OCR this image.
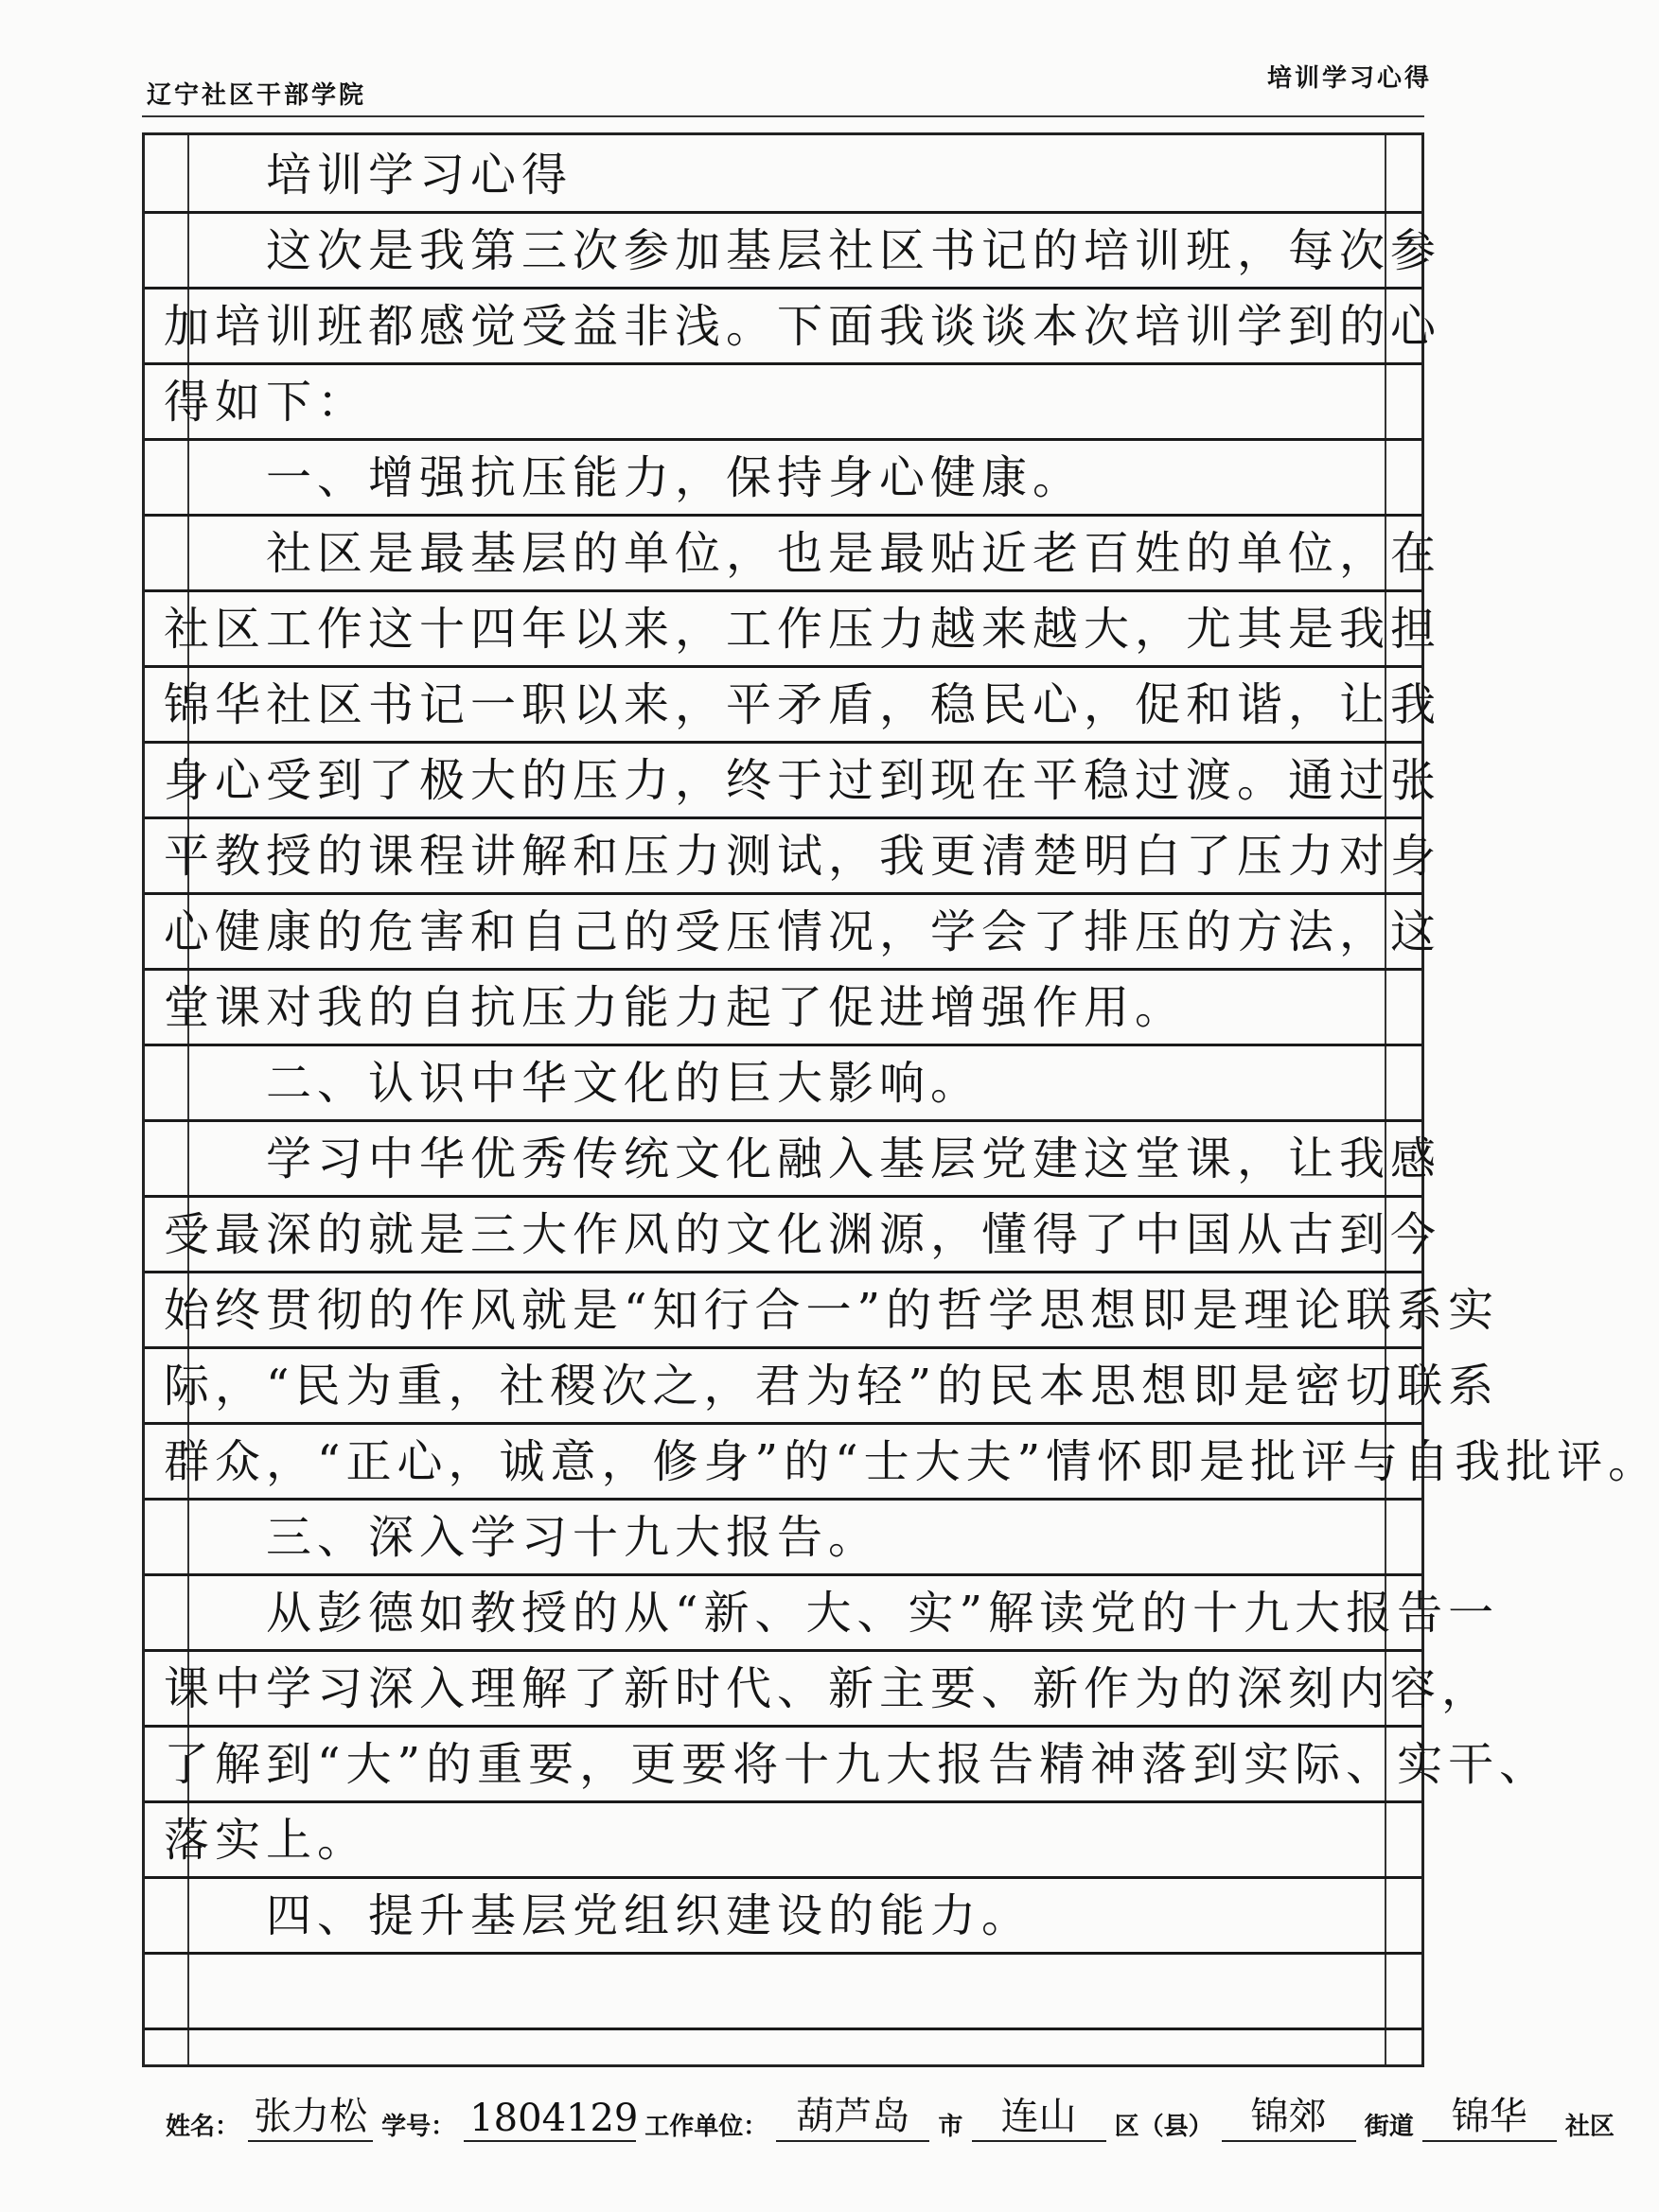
辽宁社区干部学院
培训学习心得
　　培训学习心得
　　这次是我第三次参加基层社区书记的培训班，每次参
加培训班都感觉受益非浅。下面我谈谈本次培训学到的心
得如下：
　　一、增强抗压能力，保持身心健康。
　　社区是最基层的单位，也是最贴近老百姓的单位，在
社区工作这十四年以来，工作压力越来越大，尤其是我担
锦华社区书记一职以来，平矛盾，稳民心，促和谐，让我
身心受到了极大的压力，终于过到现在平稳过渡。通过张
平教授的课程讲解和压力测试，我更清楚明白了压力对身
心健康的危害和自己的受压情况，学会了排压的方法，这
堂课对我的自抗压力能力起了促进增强作用。
　　二、认识中华文化的巨大影响。
　　学习中华优秀传统文化融入基层党建这堂课，让我感
受最深的就是三大作风的文化渊源，懂得了中国从古到今
始终贯彻的作风就是“知行合一”的哲学思想即是理论联系实
际，“民为重，社稷次之，君为轻”的民本思想即是密切联系
群众，“正心，诚意，修身”的“士大夫”情怀即是批评与自我批评。
　　三、深入学习十九大报告。
　　从彭德如教授的从“新、大、实”解读党的十九大报告一
课中学习深入理解了新时代、新主要、新作为的深刻内容，
了解到“大”的重要，更要将十九大报告精神落到实际、实干、
落实上。
　　四、提升基层党组织建设的能力。
姓名： 张力松 学号： 1804129 工作单位： 葫芦岛 市 连山 区（县） 锦郊 街道 锦华 社区
